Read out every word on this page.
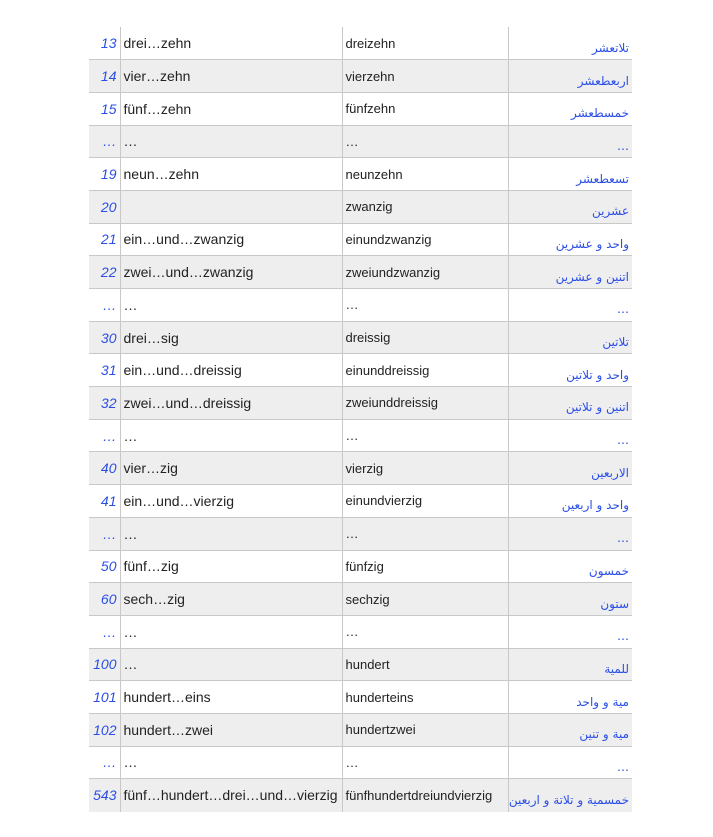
13	drei…zehn	dreizehn	تلاتعشر
14	vier…zehn	vierzehn	اربعطعشر
15	fünf…zehn	fünfzehn	خمسطعشر
…	…	…	…
19	neun…zehn	neunzehn	تسعطعشر
20		zwanzig	عشرين
21	ein…und…zwanzig	einundzwanzig	واحد و عشرين
22	zwei…und…zwanzig	zweiundzwanzig	اتنين و عشرين
…	…	…	…
30	drei…sig	dreissig	تلاتين
31	ein…und…dreissig	einunddreissig	واحد و تلاتين
32	zwei…und…dreissig	zweiunddreissig	اتنين و تلاتين
…	…	…	…
40	vier…zig	vierzig	الاربعين
41	ein…und…vierzig	einundvierzig	واحد و اربعين
…	…	…	…
50	fünf…zig	fünfzig	خمسون
60	sech…zig	sechzig	ستون
…	…	…	…
100	…	hundert	للمية
101	hundert…eins	hunderteins	مية و واحد
102	hundert…zwei	hundertzwei	مية و تنين
…	…	…	…
543	fünf…hundert…drei…und…vierzig	fünfhundertdreiundvierzig	خمسمية و تلاتة و اربعين
